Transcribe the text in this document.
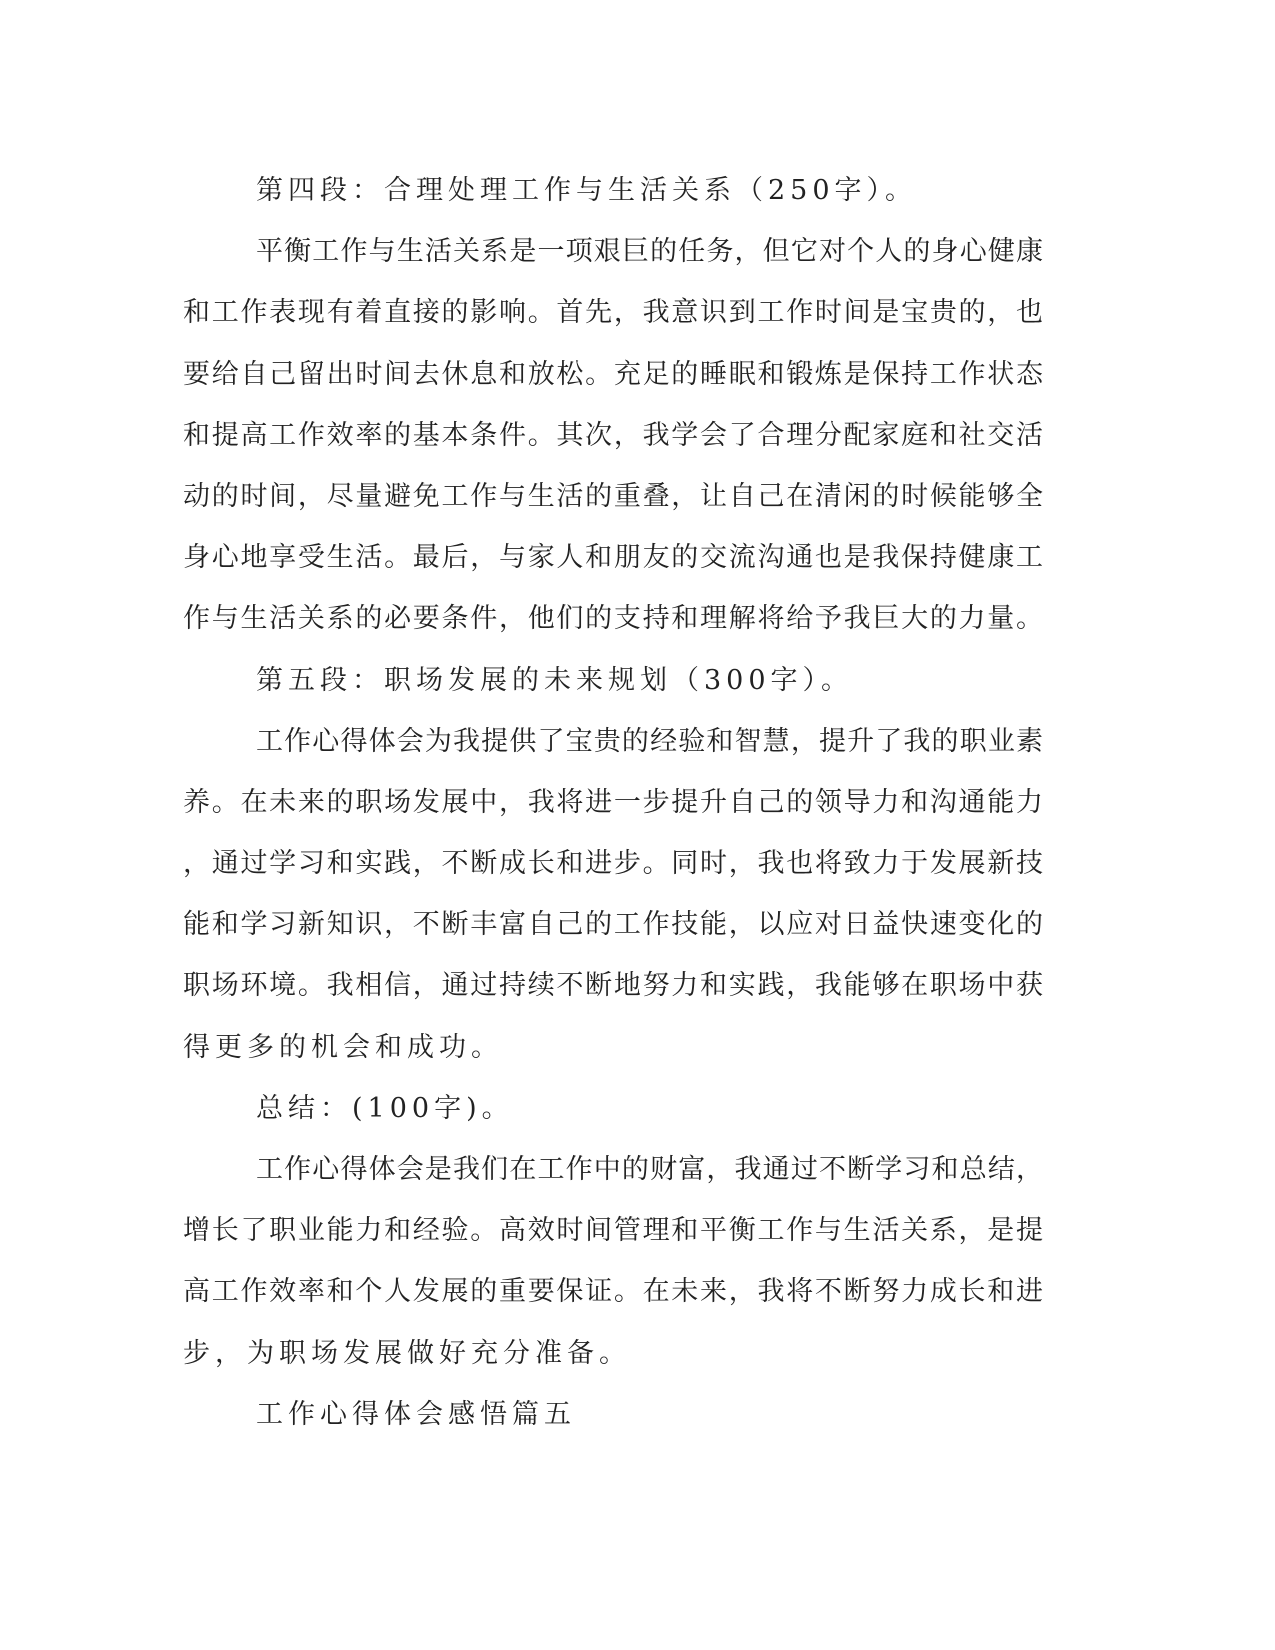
第四段：合理处理工作与生活关系（250字）。
平衡工作与生活关系是一项艰巨的任务，但它对个人的身心健康
和工作表现有着直接的影响。首先，我意识到工作时间是宝贵的，也
要给自己留出时间去休息和放松。充足的睡眠和锻炼是保持工作状态
和提高工作效率的基本条件。其次，我学会了合理分配家庭和社交活
动的时间，尽量避免工作与生活的重叠，让自己在清闲的时候能够全
身心地享受生活。最后，与家人和朋友的交流沟通也是我保持健康工
作与生活关系的必要条件，他们的支持和理解将给予我巨大的力量。
第五段：职场发展的未来规划（300字）。
工作心得体会为我提供了宝贵的经验和智慧，提升了我的职业素
养。在未来的职场发展中，我将进一步提升自己的领导力和沟通能力
，通过学习和实践，不断成长和进步。同时，我也将致力于发展新技
能和学习新知识，不断丰富自己的工作技能，以应对日益快速变化的
职场环境。我相信，通过持续不断地努力和实践，我能够在职场中获
得更多的机会和成功。
总结：(100字)。
工作心得体会是我们在工作中的财富，我通过不断学习和总结，
增长了职业能力和经验。高效时间管理和平衡工作与生活关系，是提
高工作效率和个人发展的重要保证。在未来，我将不断努力成长和进
步，为职场发展做好充分准备。
工作心得体会感悟篇五
